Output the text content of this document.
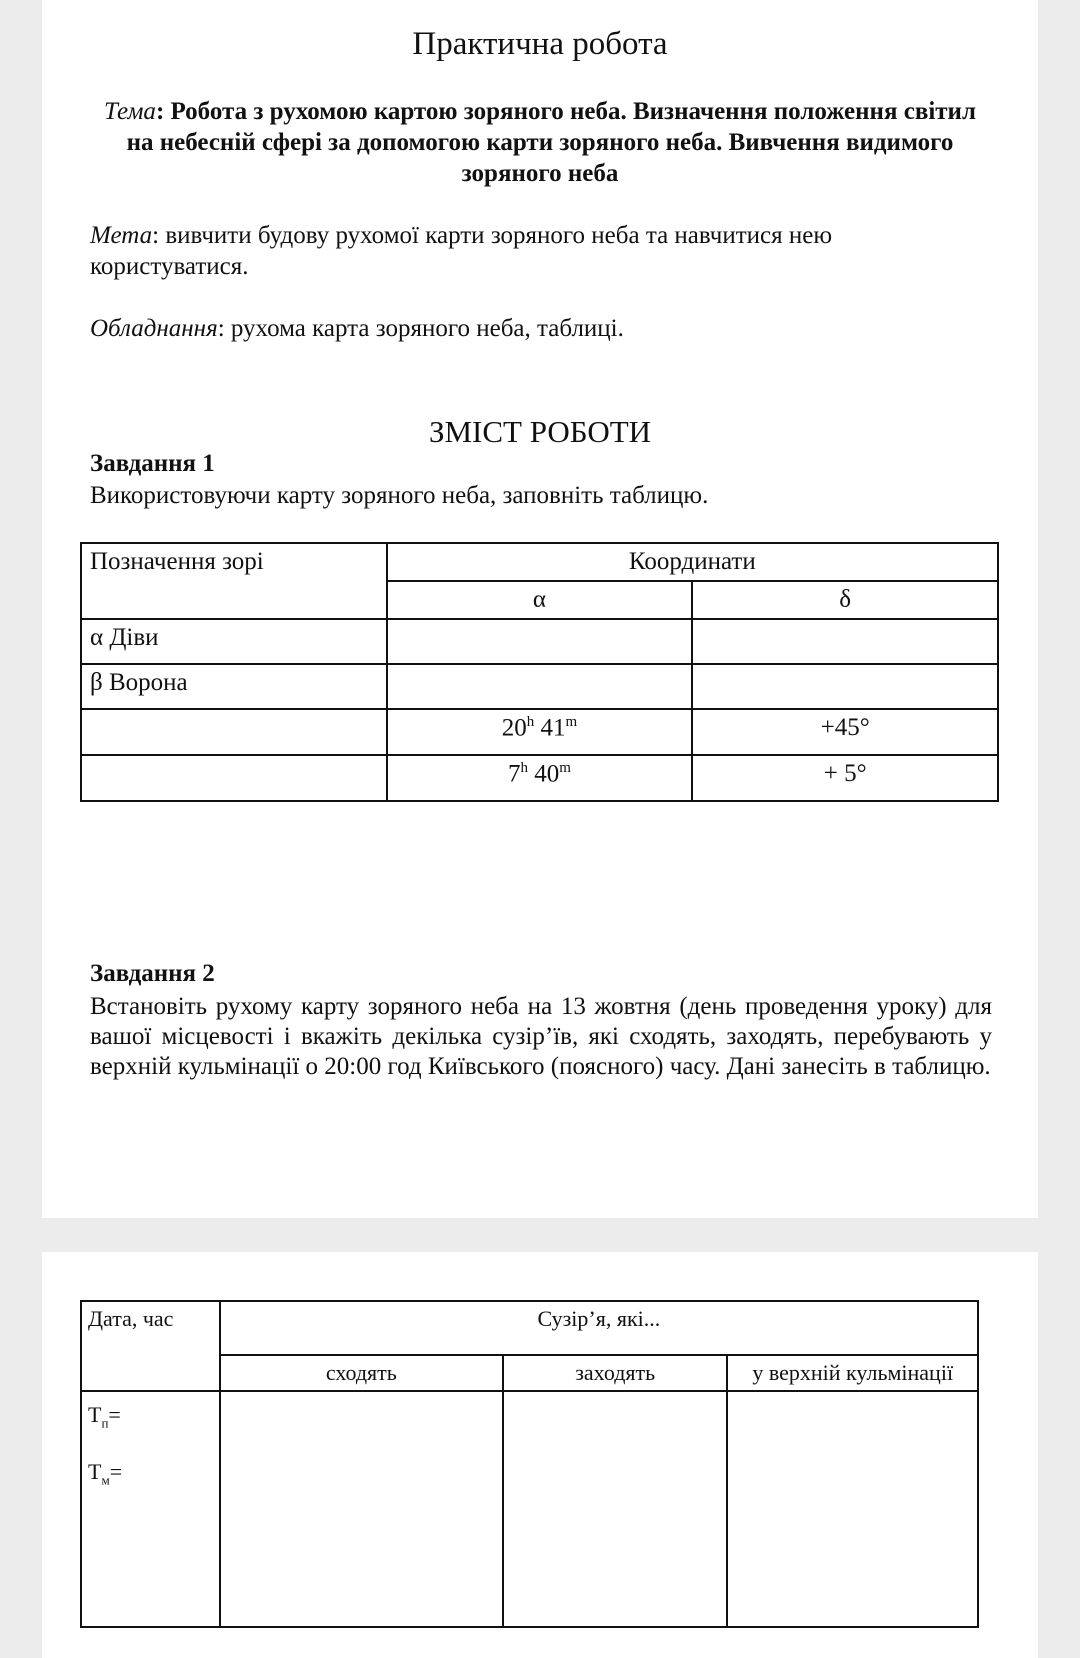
Практична робота
Тема: Робота з рухомою картою зоряного неба. Визначення положення світил на небесній сфері за допомогою карти зоряного неба. Вивчення видимого зоряного неба
Мета: вивчити будову рухомої карти зоряного неба та навчитися нею користуватися.
Обладнання: рухома карта зоряного неба, таблиці.
ЗМІСТ РОБОТИ
Завдання 1
Використовуючи карту зоряного неба, заповніть таблицю.
Позначення зорі	Координати	
	α	δ
α Діви		
β Ворона		
	20$^h$ $41^m$	+45°
	7$^h$ $40^m$	+ 5°
Завдання 2
Встановіть рухому карту зоряного неба на 13 жовтня (день проведення уроку) для вашої місцевості і вкажіть декілька сузір’їв, які сходять, заходять, перебувають у верхній кульмінації о 20:00 год Київського (поясного) часу. Дані занесіть в таблицю.
Дата, час	Сузір’я, які...		
	сходять	заходять	у верхній кульмінації

$Т_п=$
$Т_м=$			
